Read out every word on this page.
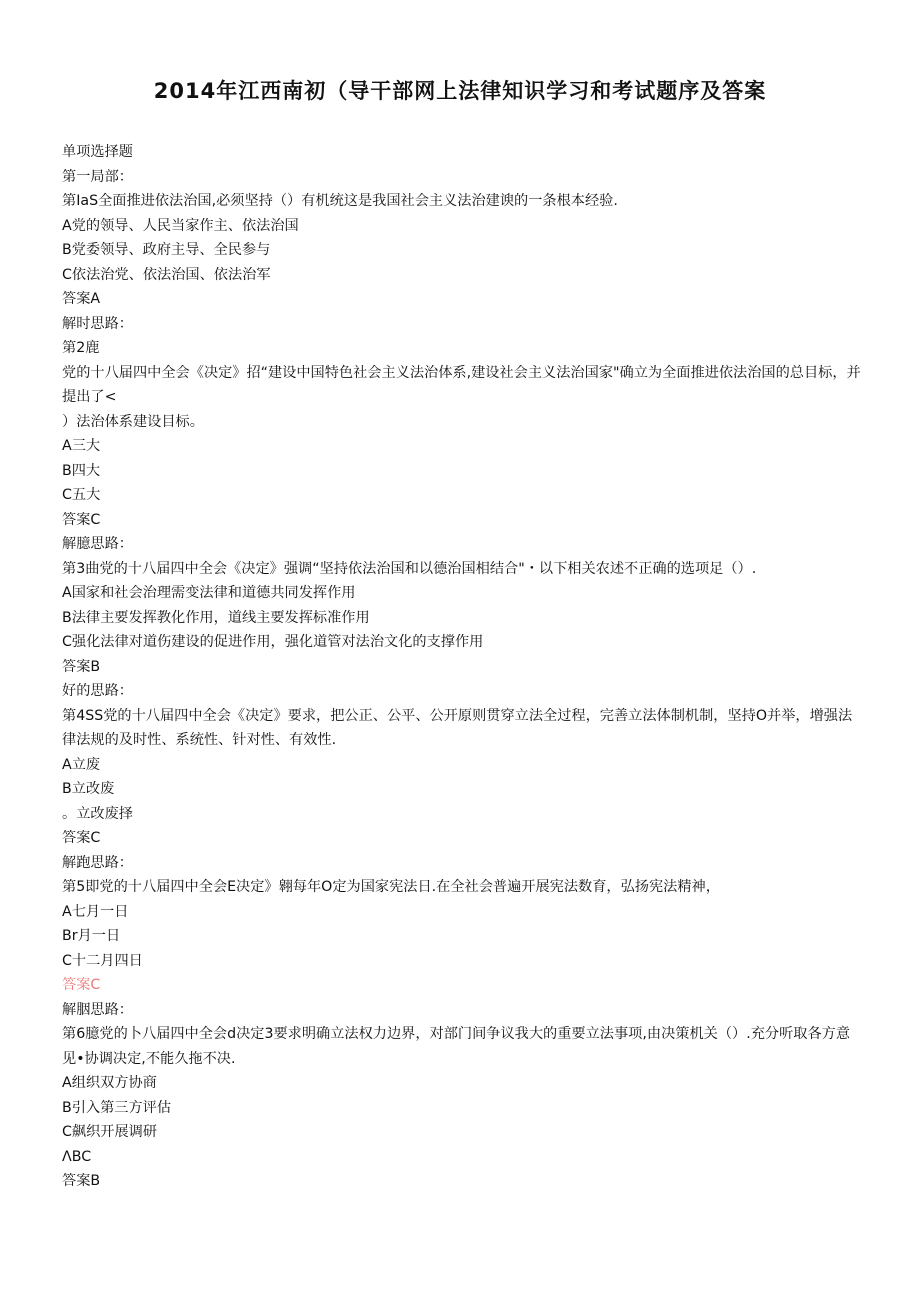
2014年江西南初（导干部网上法律知识学习和考试题序及答案
单项选择题
第一局部：
第IaS全面推进依法治国,必须坚持（）有机统这是我国社会主义法治建谀的一条根本经验.
A党的领导、人民当家作主、依法治国
B党委领导、政府主导、全民参与
C依法治党、依法治国、依法治军
答案A
解时思路：
第2鹿
党的十八届四中全会《决定》招“建设中国特色社会主义法治体系,建设社会主义法治国家"确立为全面推进依法治国的总目标，并提出了<
）法治体系建设目标。
A三大
B四大
C五大
答案C
解臆思路：
第3曲党的十八届四中全会《决定》强调“坚持依法治国和以德治国相结合"・以下相关农述不正确的选项足（）.
A国家和社会治理需变法律和道德共同发挥作用
B法律主要发挥教化作用，道线主要发挥标准作用
C强化法律对道伤建设的促进作用，强化道管对法治文化的支撑作用
答案B
好的思路：
第4SS党的十八届四中全会《决定》要求，把公正、公平、公开原则贯穿立法全过程，完善立法体制机制，坚持O并举，增强法律法规的及时性、系统性、针对性、有效性.
A立废
B立改废
。立改废择
答案C
解跑思路：
第5即党的十八届四中全会E决定》翱每年O定为国家宪法日.在全社会普遍开展宪法数育，弘扬宪法精神，
A七月一日
Br月一日
C十二月四日
答案C
解胭思路：
第6臆党的卜八届四中全会d决定3要求明确立法权力边界，对部门间争议我大的重要立法事项,由决策机关（）.充分听取各方意见•协调决定,不能久拖不决.
A组织双方协商
B引入第三方评估
C飙织开展调研
ΛBC
答案B
